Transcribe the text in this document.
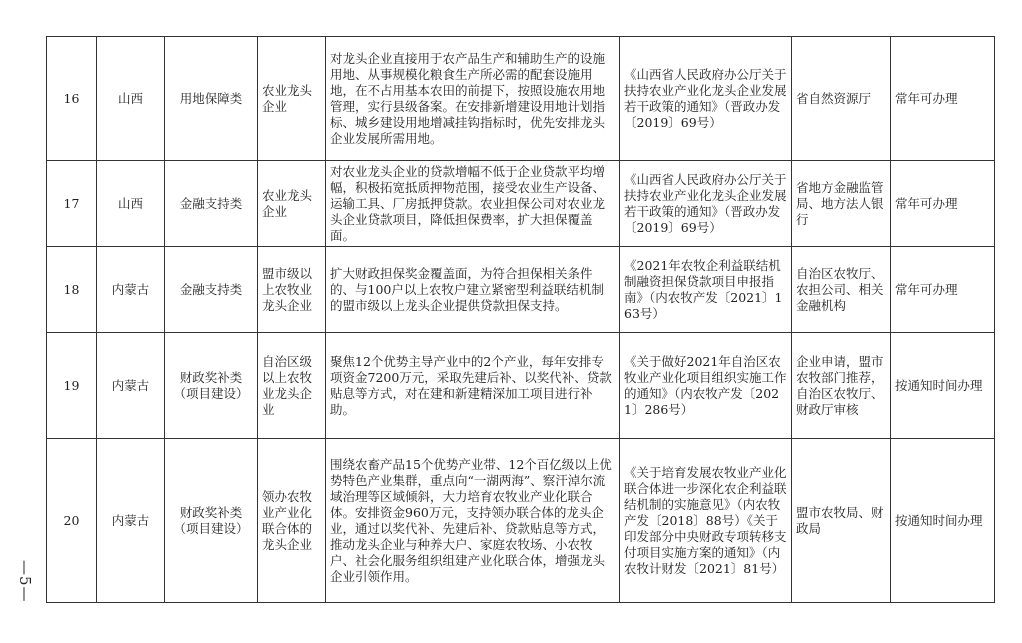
16	山西	用地保障类	农业龙头企业	对龙头企业直接用于农产品生产和辅助生产的设施用地、从事规模化粮食生产所必需的配套设施用地，在不占用基本农田的前提下，按照设施农用地管理，实行县级备案。在安排新增建设用地计划指标、城乡建设用地增减挂钩指标时，优先安排龙头企业发展所需用地。	《山西省人民政府办公厅关于扶持农业产业化龙头企业发展若干政策的通知》（晋政办发〔2019〕69号）	省自然资源厅	常年可办理
17	山西	金融支持类	农业龙头企业	对农业龙头企业的贷款增幅不低于企业贷款平均增幅，积极拓宽抵质押物范围，接受农业生产设备、运输工具、厂房抵押贷款。农业担保公司对农业龙头企业贷款项目，降低担保费率，扩大担保覆盖面。	《山西省人民政府办公厅关于扶持农业产业化龙头企业发展若干政策的通知》（晋政办发〔2019〕69号）	省地方金融监管局、地方法人银行	常年可办理
18	内蒙古	金融支持类	盟市级以上农牧业龙头企业	扩大财政担保奖金覆盖面，为符合担保相关条件的、与100户以上农牧户建立紧密型利益联结机制的盟市级以上龙头企业提供贷款担保支持。	《2021年农牧企利益联结机制融资担保贷款项目申报指南》（内农牧产发〔2021〕163号）	自治区农牧厅、农担公司、相关金融机构	常年可办理
19	内蒙古	财政奖补类（项目建设）	自治区级以上农牧业龙头企业	聚焦12个优势主导产业中的2个产业，每年安排专项资金7200万元，采取先建后补、以奖代补、贷款贴息等方式，对在建和新建精深加工项目进行补助。	《关于做好2021年自治区农牧业产业化项目组织实施工作的通知》（内农牧产发〔2021〕286号）	企业申请，盟市农牧部门推荐，自治区农牧厅、财政厅审核	按通知时间办理
20	内蒙古	财政奖补类（项目建设）	领办农牧业产业化联合体的龙头企业	围绕农畜产品15个优势产业带、12个百亿级以上优势特色产业集群，重点向“一湖两海”、察汗淖尔流域治理等区域倾斜，大力培育农牧业产业化联合体。安排资金960万元，支持领办联合体的龙头企业，通过以奖代补、先建后补、贷款贴息等方式，推动龙头企业与种养大户、家庭农牧场、小农牧户、社会化服务组织组建产业化联合体，增强龙头企业引领作用。	《关于培育发展农牧业产业化联合体进一步深化农企利益联结机制的实施意见》（内农牧产发〔2018〕88号）《关于印发部分中央财政专项转移支付项目实施方案的通知》（内农牧计财发〔2021〕81号）	盟市农牧局、财政局	按通知时间办理
—5—
